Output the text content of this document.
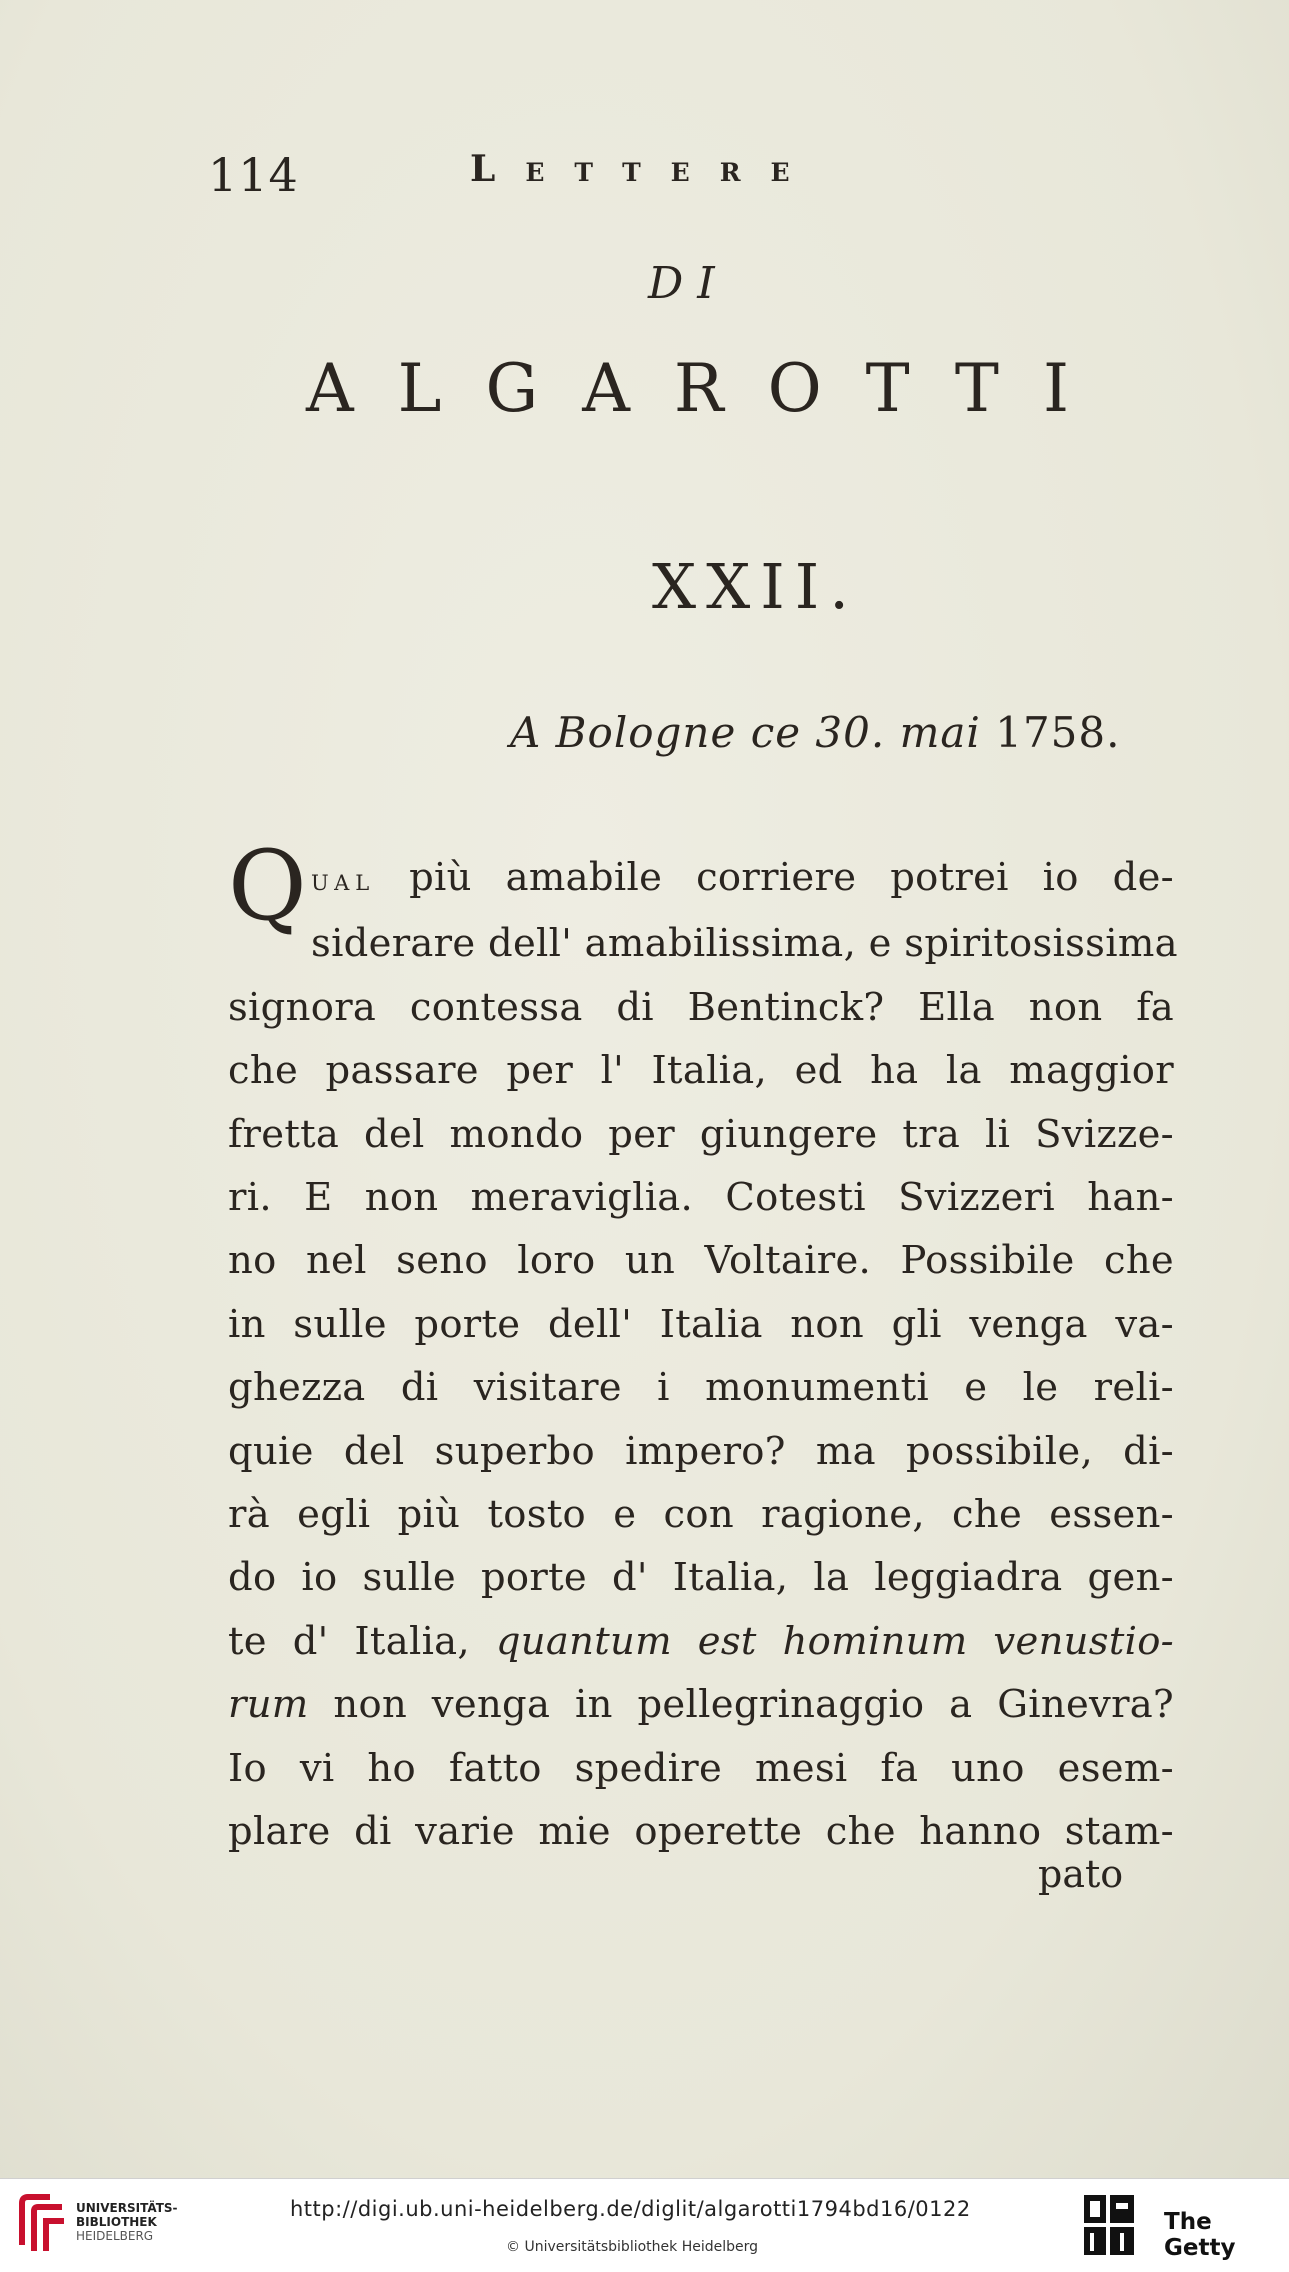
114	Lettere
DI
ALGAROTTI
XXII.
A Bologne ce 30. mai 1758.
Q ual più amabile corriere potrei io de-
siderare dell' amabilissima, e spiritosissima
signora contessa di Bentinck? Ella non fa
che passare per l' Italia, ed ha la maggior
fretta del mondo per giungere tra li Svizze-
ri. E non meraviglia. Cotesti Svizzeri han-
no nel seno loro un Voltaire. Possibile che
in sulle porte dell' Italia non gli venga va-
ghezza di visitare i monumenti e le reli-
quie del superbo impero? ma possibile, di-
rà egli più tosto e con ragione, che essen-
do io sulle porte d' Italia, la leggiadra gen-
te d' Italia, quantum est hominum venustio-
rum non venga in pellegrinaggio a Ginevra?
Io vi ho fatto spedire mesi fa uno esem-
plare di varie mie operette che hanno stam-
pato
UNIVERSITÄTS-
BIBLIOTHEK
HEIDELBERG
http://digi.ub.uni-heidelberg.de/diglit/algarotti1794bd16/0122
© Universitätsbibliothek Heidelberg
The Getty
